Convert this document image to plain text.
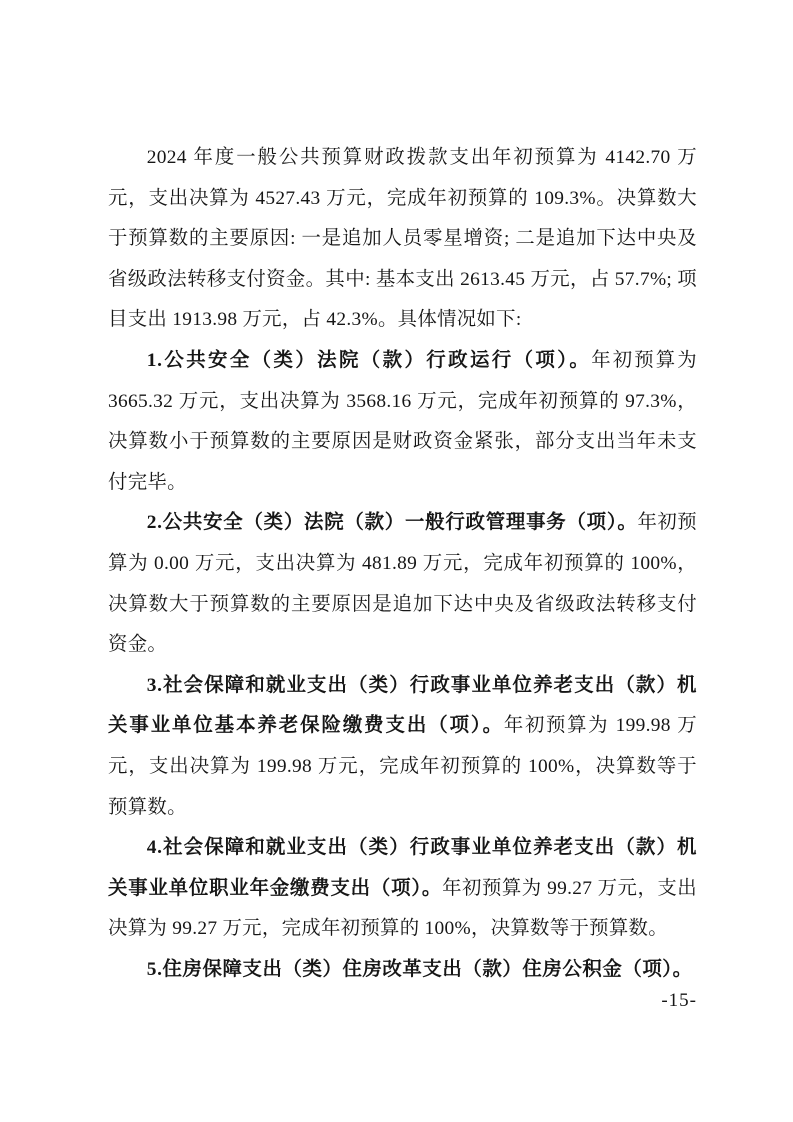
2024 年度一般公共预算财政拨款支出年初预算为 4142.70 万元，支出决算为 4527.43 万元，完成年初预算的 109.3%。决算数大于预算数的主要原因: 一是追加人员零星增资; 二是追加下达中央及省级政法转移支付资金。其中: 基本支出 2613.45 万元，占 57.7%; 项目支出 1913.98 万元，占 42.3%。具体情况如下:

1.公共安全（类）法院（款）行政运行（项）。年初预算为 3665.32 万元，支出决算为 3568.16 万元，完成年初预算的 97.3%，决算数小于预算数的主要原因是财政资金紧张，部分支出当年未支付完毕。

2.公共安全（类）法院（款）一般行政管理事务（项）。年初预算为 0.00 万元，支出决算为 481.89 万元，完成年初预算的 100%，决算数大于预算数的主要原因是追加下达中央及省级政法转移支付资金。

3.社会保障和就业支出（类）行政事业单位养老支出（款）机关事业单位基本养老保险缴费支出（项）。年初预算为 199.98 万元，支出决算为 199.98 万元，完成年初预算的 100%，决算数等于预算数。

4.社会保障和就业支出（类）行政事业单位养老支出（款）机关事业单位职业年金缴费支出（项）。年初预算为 99.27 万元，支出决算为 99.27 万元，完成年初预算的 100%，决算数等于预算数。

5.住房保障支出（类）住房改革支出（款）住房公积金（项）。

-15-
